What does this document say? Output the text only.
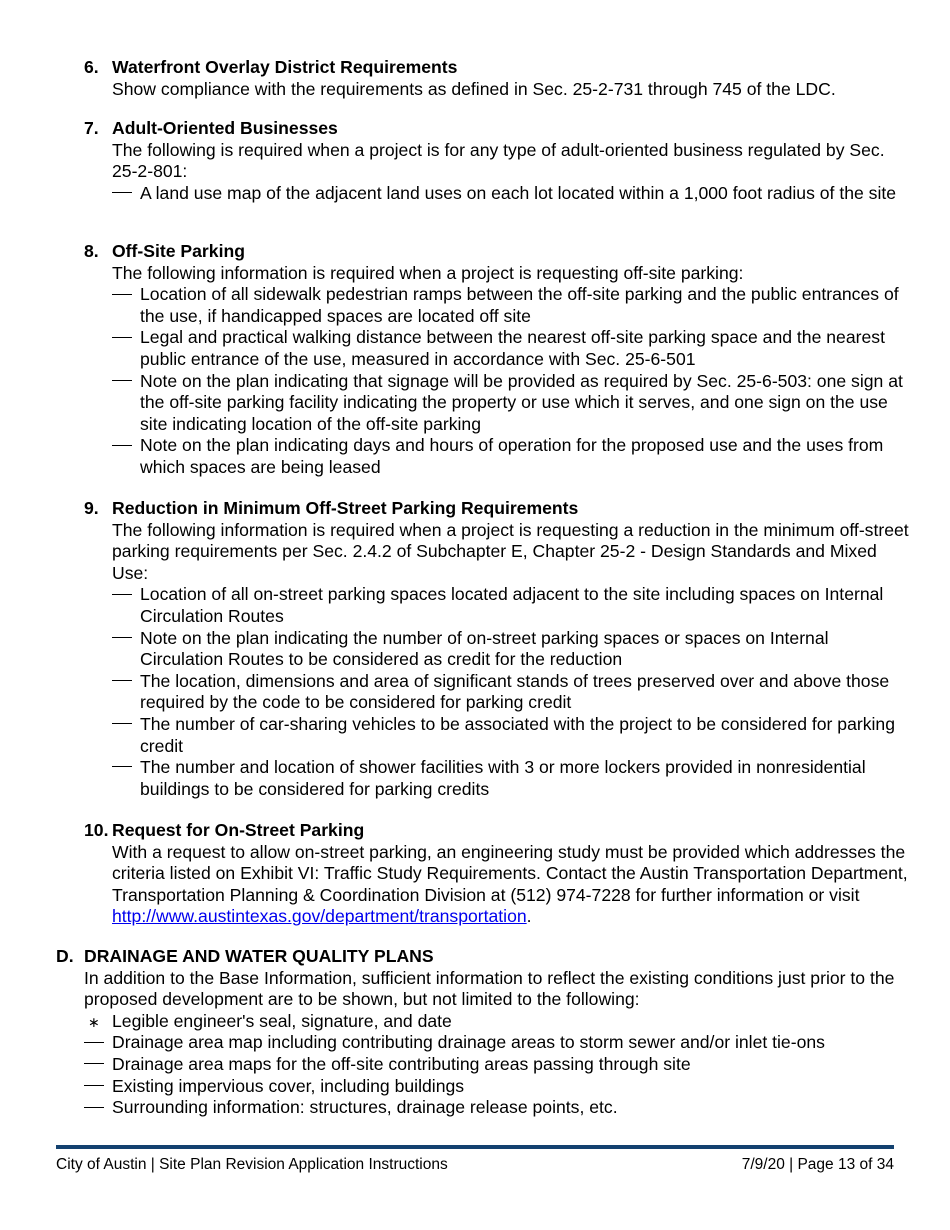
6. Waterfront Overlay District Requirements

Show compliance with the requirements as defined in Sec. 25-2-731 through 745 of the LDC.

7. Adult-Oriented Businesses

The following is required when a project is for any type of adult-oriented business regulated by Sec. 25-2-801:

A land use map of the adjacent land uses on each lot located within a 1,000 foot radius of the site
8. Off-Site Parking

The following information is required when a project is requesting off-site parking:

Location of all sidewalk pedestrian ramps between the off-site parking and the public entrances of the use, if handicapped spaces are located off site
Legal and practical walking distance between the nearest off-site parking space and the nearest public entrance of the use, measured in accordance with Sec. 25-6-501
Note on the plan indicating that signage will be provided as required by Sec. 25-6-503: one sign at the off-site parking facility indicating the property or use which it serves, and one sign on the use site indicating location of the off-site parking
Note on the plan indicating days and hours of operation for the proposed use and the uses from which spaces are being leased
9. Reduction in Minimum Off-Street Parking Requirements

The following information is required when a project is requesting a reduction in the minimum off-street parking requirements per Sec. 2.4.2 of Subchapter E, Chapter 25-2 - Design Standards and Mixed Use:

Location of all on-street parking spaces located adjacent to the site including spaces on Internal Circulation Routes
Note on the plan indicating the number of on-street parking spaces or spaces on Internal Circulation Routes to be considered as credit for the reduction
The location, dimensions and area of significant stands of trees preserved over and above those required by the code to be considered for parking credit
The number of car-sharing vehicles to be associated with the project to be considered for parking credit
The number and location of shower facilities with 3 or more lockers provided in nonresidential buildings to be considered for parking credits
10. Request for On-Street Parking

With a request to allow on-street parking, an engineering study must be provided which addresses the criteria listed on Exhibit VI: Traffic Study Requirements. Contact the Austin Transportation Department, Transportation Planning & Coordination Division at (512) 974-7228 for further information or visit http://www.austintexas.gov/department/transportation.

D. DRAINAGE AND WATER QUALITY PLANS

In addition to the Base Information, sufficient information to reflect the existing conditions just prior to the proposed development are to be shown, but not limited to the following:

∗ Legible engineer's seal, signature, and date
Drainage area map including contributing drainage areas to storm sewer and/or inlet tie-ons
Drainage area maps for the off-site contributing areas passing through site
Existing impervious cover, including buildings
Surrounding information: structures, drainage release points, etc.
City of Austin | Site Plan Revision Application Instructions	7/9/20 | Page 13 of 34
